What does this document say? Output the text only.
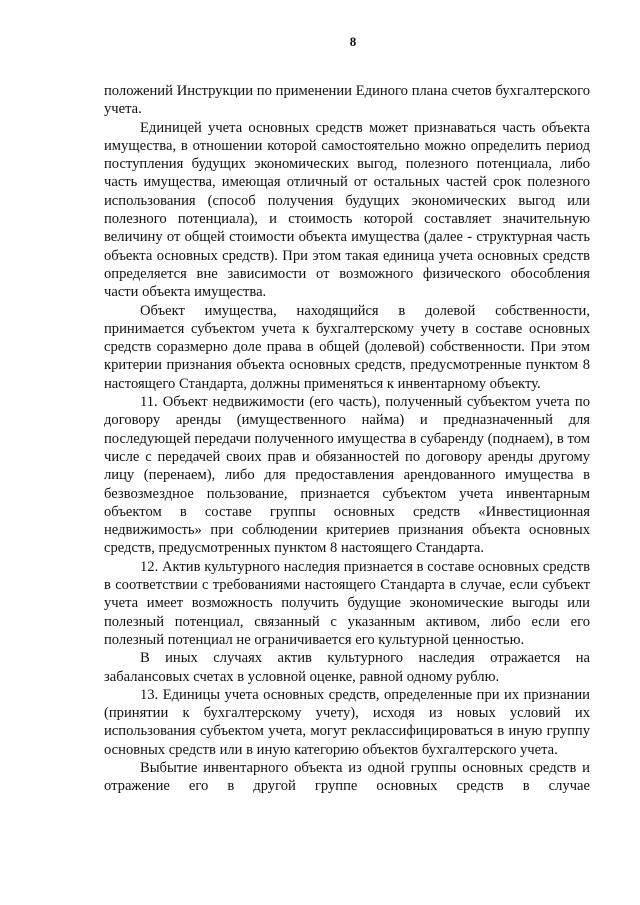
8

положений Инструкции по применении Единого плана счетов бухгалтерского учета.

Единицей учета основных средств может признаваться часть объекта имущества, в отношении которой самостоятельно можно определить период поступления будущих экономических выгод, полезного потенциала, либо часть имущества, имеющая отличный от остальных частей срок полезного использования (способ получения будущих экономических выгод или полезного потенциала), и стоимость которой составляет значительную величину от общей стоимости объекта имущества (далее - структурная часть объекта основных средств). При этом такая единица учета основных средств определяется вне зависимости от возможного физического обособления части объекта имущества.

Объект имущества, находящийся в долевой собственности, принимается субъектом учета к бухгалтерскому учету в составе основных средств соразмерно доле права в общей (долевой) собственности. При этом критерии признания объекта основных средств, предусмотренные пунктом 8 настоящего Стандарта, должны применяться к инвентарному объекту.

11. Объект недвижимости (его часть), полученный субъектом учета по договору аренды (имущественного найма) и предназначенный для последующей передачи полученного имущества в субаренду (поднаем), в том числе с передачей своих прав и обязанностей по договору аренды другому лицу (перенаем), либо для предоставления арендованного имущества в безвозмездное пользование, признается субъектом учета инвентарным объектом в составе группы основных средств «Инвестиционная недвижимость» при соблюдении критериев признания объекта основных средств, предусмотренных пунктом 8 настоящего Стандарта.

12. Актив культурного наследия признается в составе основных средств в соответствии с требованиями настоящего Стандарта в случае, если субъект учета имеет возможность получить будущие экономические выгоды или полезный потенциал, связанный с указанным активом, либо если его полезный потенциал не ограничивается его культурной ценностью.

В иных случаях актив культурного наследия отражается на забалансовых счетах в условной оценке, равной одному рублю.

13. Единицы учета основных средств, определенные при их признании (принятии к бухгалтерскому учету), исходя из новых условий их использования субъектом учета, могут реклассифицироваться в иную группу основных средств или в иную категорию объектов бухгалтерского учета.

Выбытие инвентарного объекта из одной группы основных средств и отражение его в другой группе основных средств в случае
